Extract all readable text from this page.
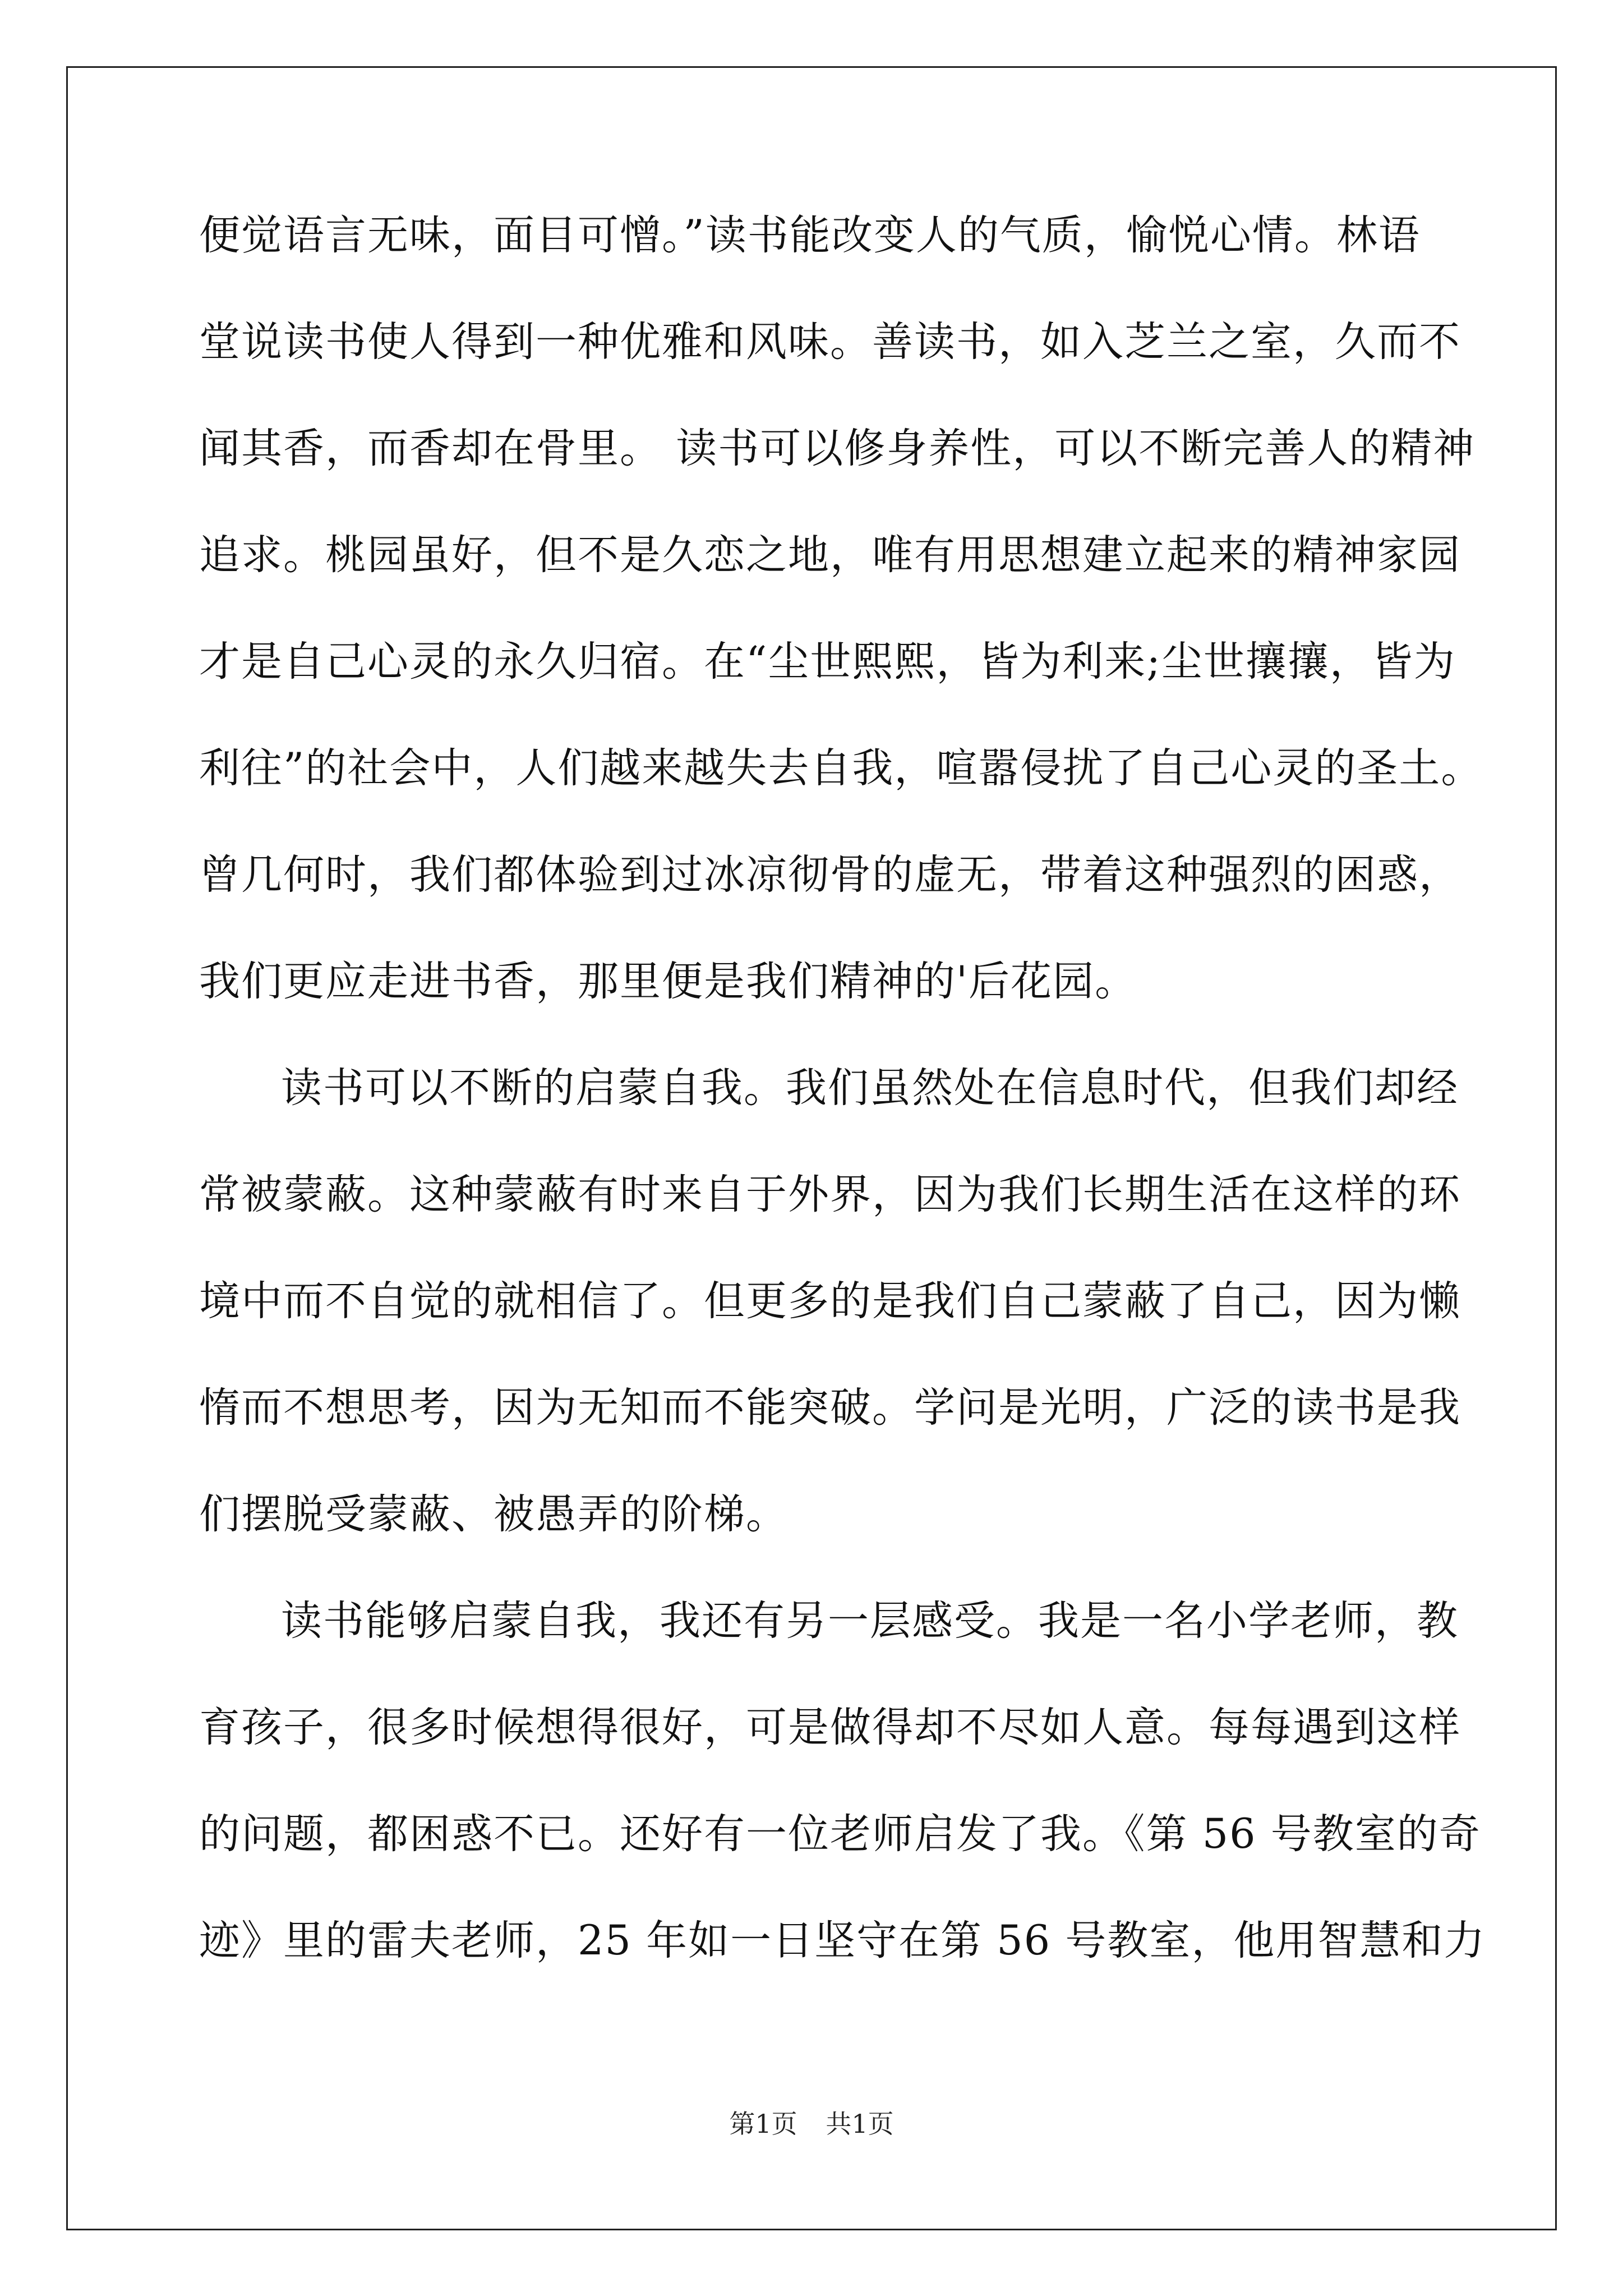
便觉语言无味，面目可憎。”读书能改变人的气质，愉悦心情。林语
堂说读书使人得到一种优雅和风味。善读书，如入芝兰之室，久而不
闻其香，而香却在骨里。 读书可以修身养性，可以不断完善人的精神
追求。桃园虽好，但不是久恋之地，唯有用思想建立起来的精神家园
才是自己心灵的永久归宿。在“尘世熙熙，皆为利来;尘世攘攘，皆为
利往”的社会中，人们越来越失去自我，喧嚣侵扰了自己心灵的圣土。
曾几何时，我们都体验到过冰凉彻骨的虚无，带着这种强烈的困惑，
我们更应走进书香，那里便是我们精神的'后花园。
读书可以不断的启蒙自我。我们虽然处在信息时代，但我们却经
常被蒙蔽。这种蒙蔽有时来自于外界，因为我们长期生活在这样的环
境中而不自觉的就相信了。但更多的是我们自己蒙蔽了自己，因为懒
惰而不想思考，因为无知而不能突破。学问是光明，广泛的读书是我
们摆脱受蒙蔽、被愚弄的阶梯。
读书能够启蒙自我，我还有另一层感受。我是一名小学老师，教
育孩子，很多时候想得很好，可是做得却不尽如人意。每每遇到这样
的问题，都困惑不已。还好有一位老师启发了我。《第 56 号教室的奇
迹》里的雷夫老师，25 年如一日坚守在第 56 号教室，他用智慧和力
第1页 共1页
